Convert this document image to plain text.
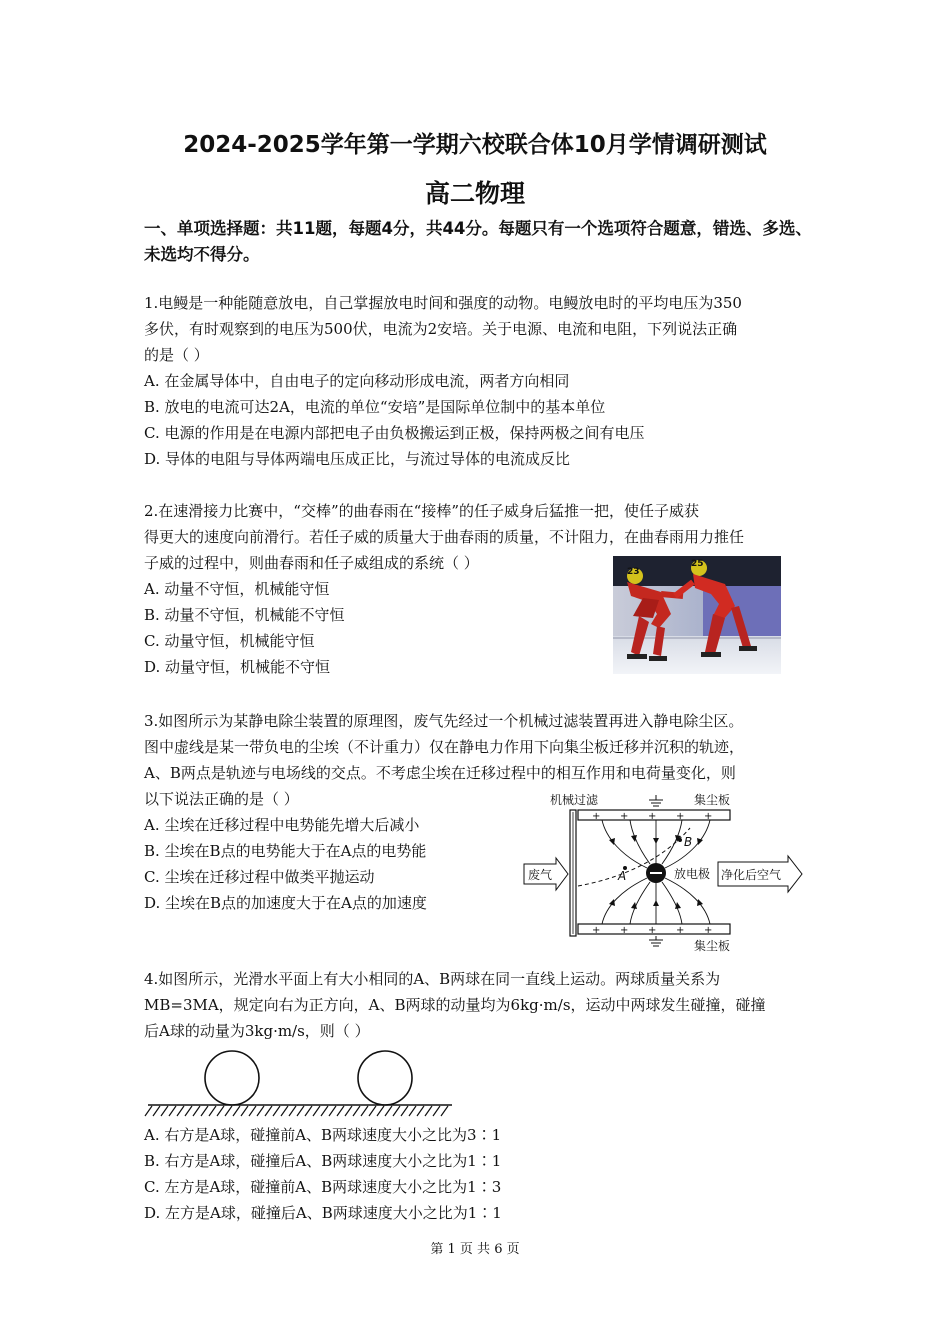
2024-2025学年第一学期六校联合体10月学情调研测试
高二物理
一、单项选择题：共11题，每题4分，共44分。每题只有一个选项符合题意，错选、多选、未选均不得分。
1.电鳗是一种能随意放电，自己掌握放电时间和强度的动物。电鳗放电时的平均电压为350
多伏，有时观察到的电压为500伏，电流为2安培。关于电源、电流和电阻，下列说法正确
的是（ ）
A. 在金属导体中，自由电子的定向移动形成电流，两者方向相同
B. 放电的电流可达2A，电流的单位“安培”是国际单位制中的基本单位
C. 电源的作用是在电源内部把电子由负极搬运到正极，保持两极之间有电压
D. 导体的电阻与导体两端电压成正比，与流过导体的电流成反比
2.在速滑接力比赛中，“交棒”的曲春雨在“接棒”的任子威身后猛推一把，使任子威获
得更大的速度向前滑行。若任子威的质量大于曲春雨的质量，不计阻力，在曲春雨用力推任
子威的过程中，则曲春雨和任子威组成的系统（ ）
A. 动量不守恒，机械能守恒
B. 动量不守恒，机械能不守恒
C. 动量守恒，机械能守恒
D. 动量守恒，机械能不守恒
23
25
3.如图所示为某静电除尘装置的原理图，废气先经过一个机械过滤装置再进入静电除尘区。
图中虚线是某一带负电的尘埃（不计重力）仅在静电力作用下向集尘板迁移并沉积的轨迹，
A、B两点是轨迹与电场线的交点。不考虑尘埃在迁移过程中的相互作用和电荷量变化，则
以下说法正确的是（ ）
A. 尘埃在迁移过程中电势能先增大后减小
B. 尘埃在B点的电势能大于在A点的电势能
C. 尘埃在迁移过程中做类平抛运动
D. 尘埃在B点的加速度大于在A点的加速度
机械过滤	集尘板
集尘板
+ + + + +
+ + + + +
A
B
放电极
废气	净化后空气
4.如图所示，光滑水平面上有大小相同的A、B两球在同一直线上运动。两球质量关系为
MB=3MA，规定向右为正方向，A、B两球的动量均为6kg·m/s，运动中两球发生碰撞，碰撞
后A球的动量为3kg·m/s，则（ ）
A. 右方是A球，碰撞前A、B两球速度大小之比为3∶1
B. 右方是A球，碰撞后A、B两球速度大小之比为1∶1
C. 左方是A球，碰撞前A、B两球速度大小之比为1∶3
D. 左方是A球，碰撞后A、B两球速度大小之比为1∶1
第 1 页 共 6 页
